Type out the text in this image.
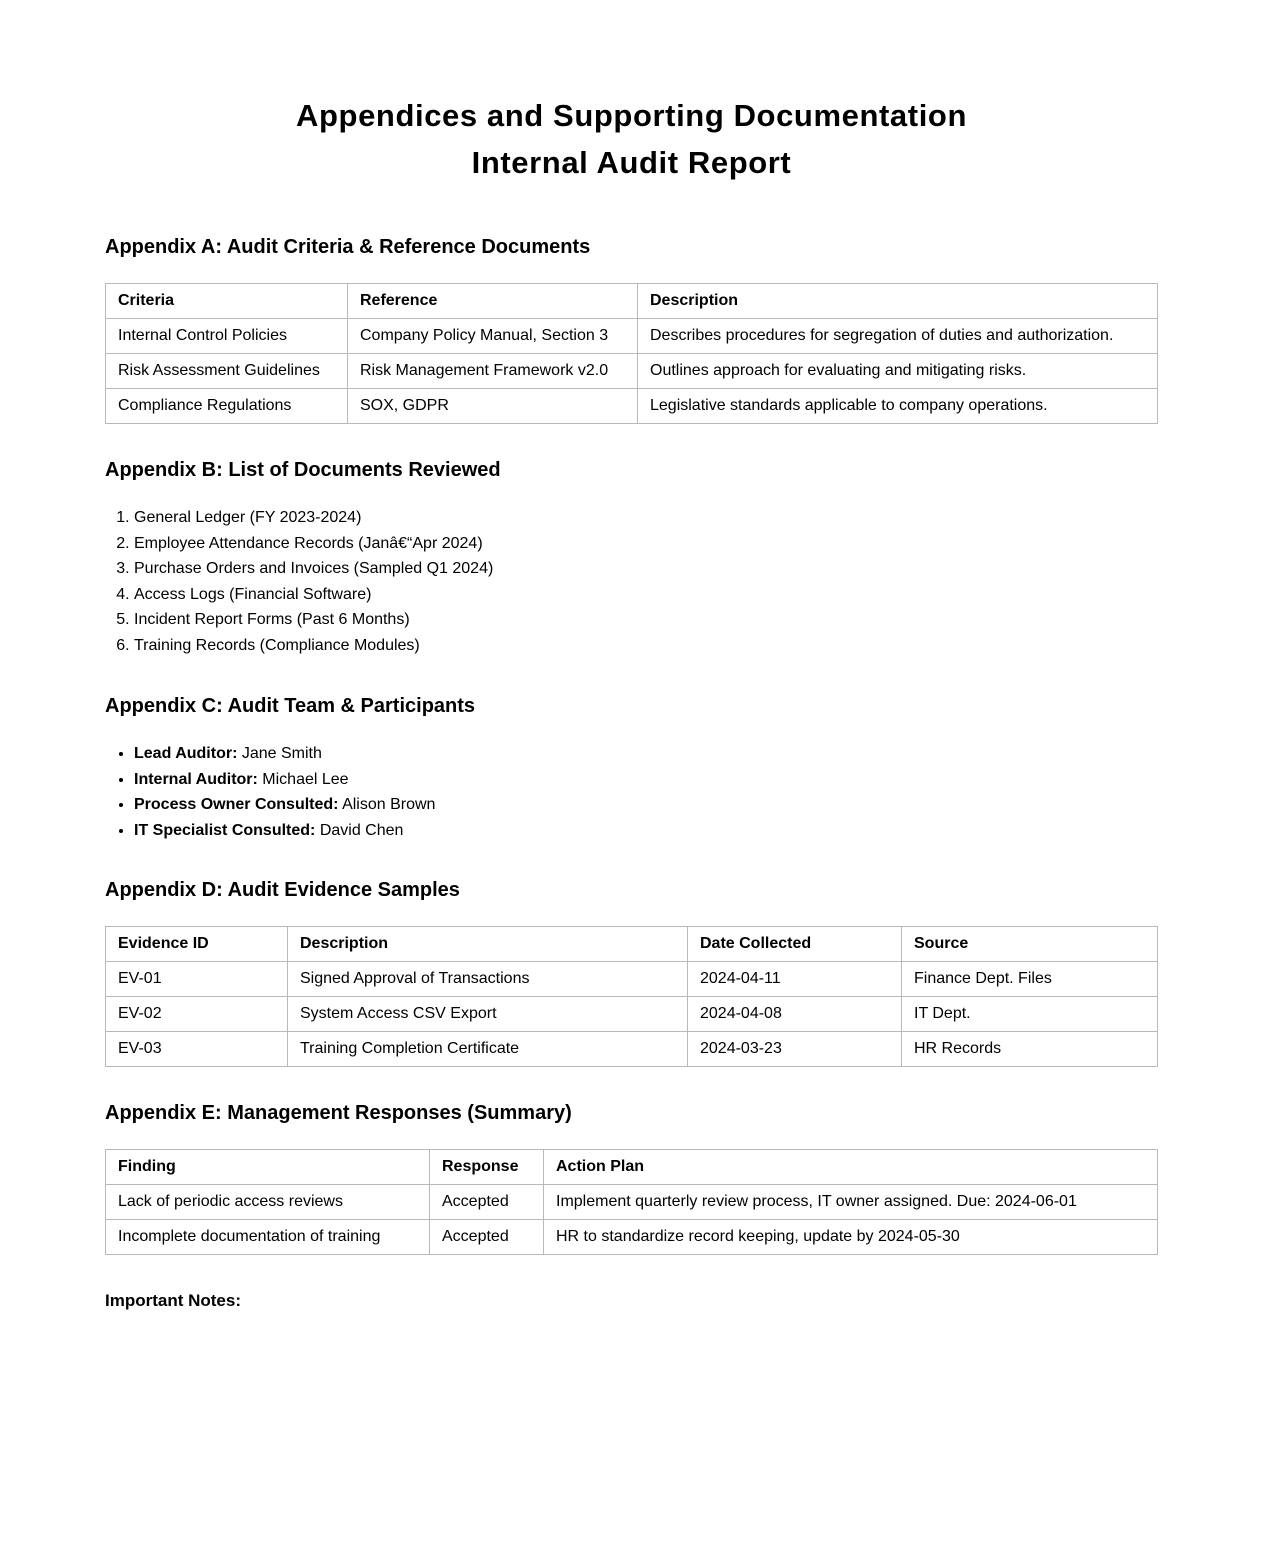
Appendices and Supporting Documentation
Internal Audit Report
Appendix A: Audit Criteria & Reference Documents
Criteria	Reference	Description
Internal Control Policies	Company Policy Manual, Section 3	Describes procedures for segregation of duties and authorization.
Risk Assessment Guidelines	Risk Management Framework v2.0	Outlines approach for evaluating and mitigating risks.
Compliance Regulations	SOX, GDPR	Legislative standards applicable to company operations.
Appendix B: List of Documents Reviewed
1. General Ledger (FY 2023-2024)
2. Employee Attendance Records (Janâ€“Apr 2024)
3. Purchase Orders and Invoices (Sampled Q1 2024)
4. Access Logs (Financial Software)
5. Incident Report Forms (Past 6 Months)
6. Training Records (Compliance Modules)
Appendix C: Audit Team & Participants
• Lead Auditor: Jane Smith
• Internal Auditor: Michael Lee
• Process Owner Consulted: Alison Brown
• IT Specialist Consulted: David Chen
Appendix D: Audit Evidence Samples
Evidence ID	Description	Date Collected	Source
EV-01	Signed Approval of Transactions	2024-04-11	Finance Dept. Files
EV-02	System Access CSV Export	2024-04-08	IT Dept.
EV-03	Training Completion Certificate	2024-03-23	HR Records
Appendix E: Management Responses (Summary)
Finding	Response	Action Plan
Lack of periodic access reviews	Accepted	Implement quarterly review process, IT owner assigned. Due: 2024-06-01
Incomplete documentation of training	Accepted	HR to standardize record keeping, update by 2024-05-30
Important Notes:
